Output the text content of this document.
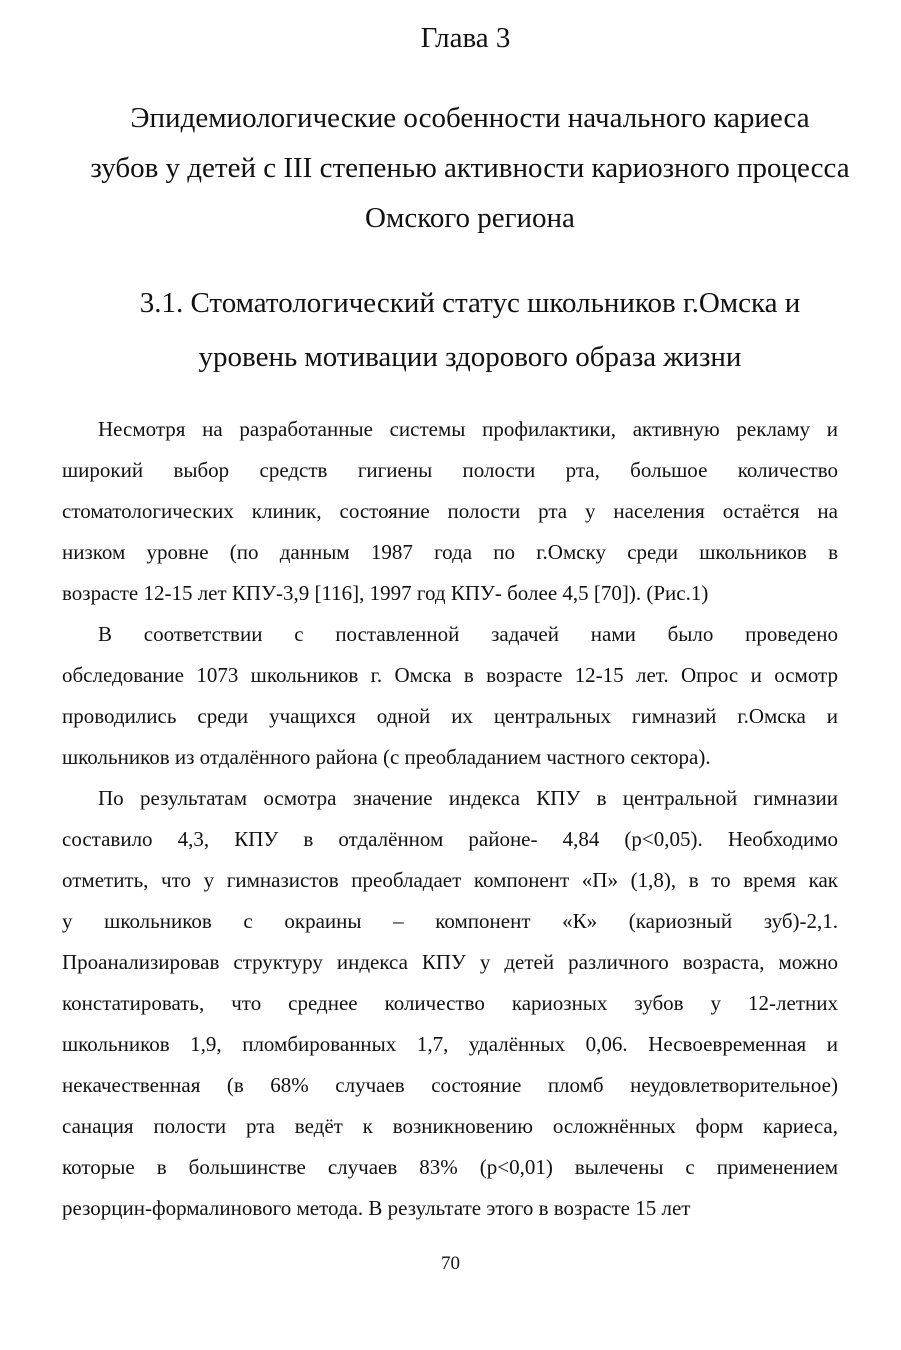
Глава 3
Эпидемиологические особенности начального кариеса
зубов у детей с III степенью активности кариозного процесса
Омского региона
3.1. Стоматологический статус школьников г.Омска и
уровень мотивации здорового образа жизни
Несмотря на разработанные системы профилактики, активную рекламу и
широкий выбор средств гигиены полости рта, большое количество
стоматологических клиник, состояние полости рта у населения остаётся на
низком уровне (по данным 1987 года по г.Омску среди школьников в
возрасте 12-15 лет КПУ-3,9 [116], 1997 год КПУ- более 4,5 [70]). (Рис.1)
В соответствии с поставленной задачей нами было проведено
обследование 1073 школьников г. Омска в возрасте 12-15 лет. Опрос и осмотр
проводились среди учащихся одной их центральных гимназий г.Омска и
школьников из отдалённого района (с преобладанием частного сектора).
По результатам осмотра значение индекса КПУ в центральной гимназии
составило 4,3, КПУ в отдалённом районе- 4,84 (р<0,05). Необходимо
отметить, что у гимназистов преобладает компонент «П» (1,8), в то время как
у школьников с окраины – компонент «К» (кариозный зуб)-2,1.
Проанализировав структуру индекса КПУ у детей различного возраста, можно
констатировать, что среднее количество кариозных зубов у 12-летних
школьников 1,9, пломбированных 1,7, удалённых 0,06. Несвоевременная и
некачественная (в 68% случаев состояние пломб неудовлетворительное)
санация полости рта ведёт к возникновению осложнённых форм кариеса,
которые в большинстве случаев 83% (р<0,01) вылечены с применением
резорцин-формалинового метода. В результате этого в возрасте 15 лет
70
